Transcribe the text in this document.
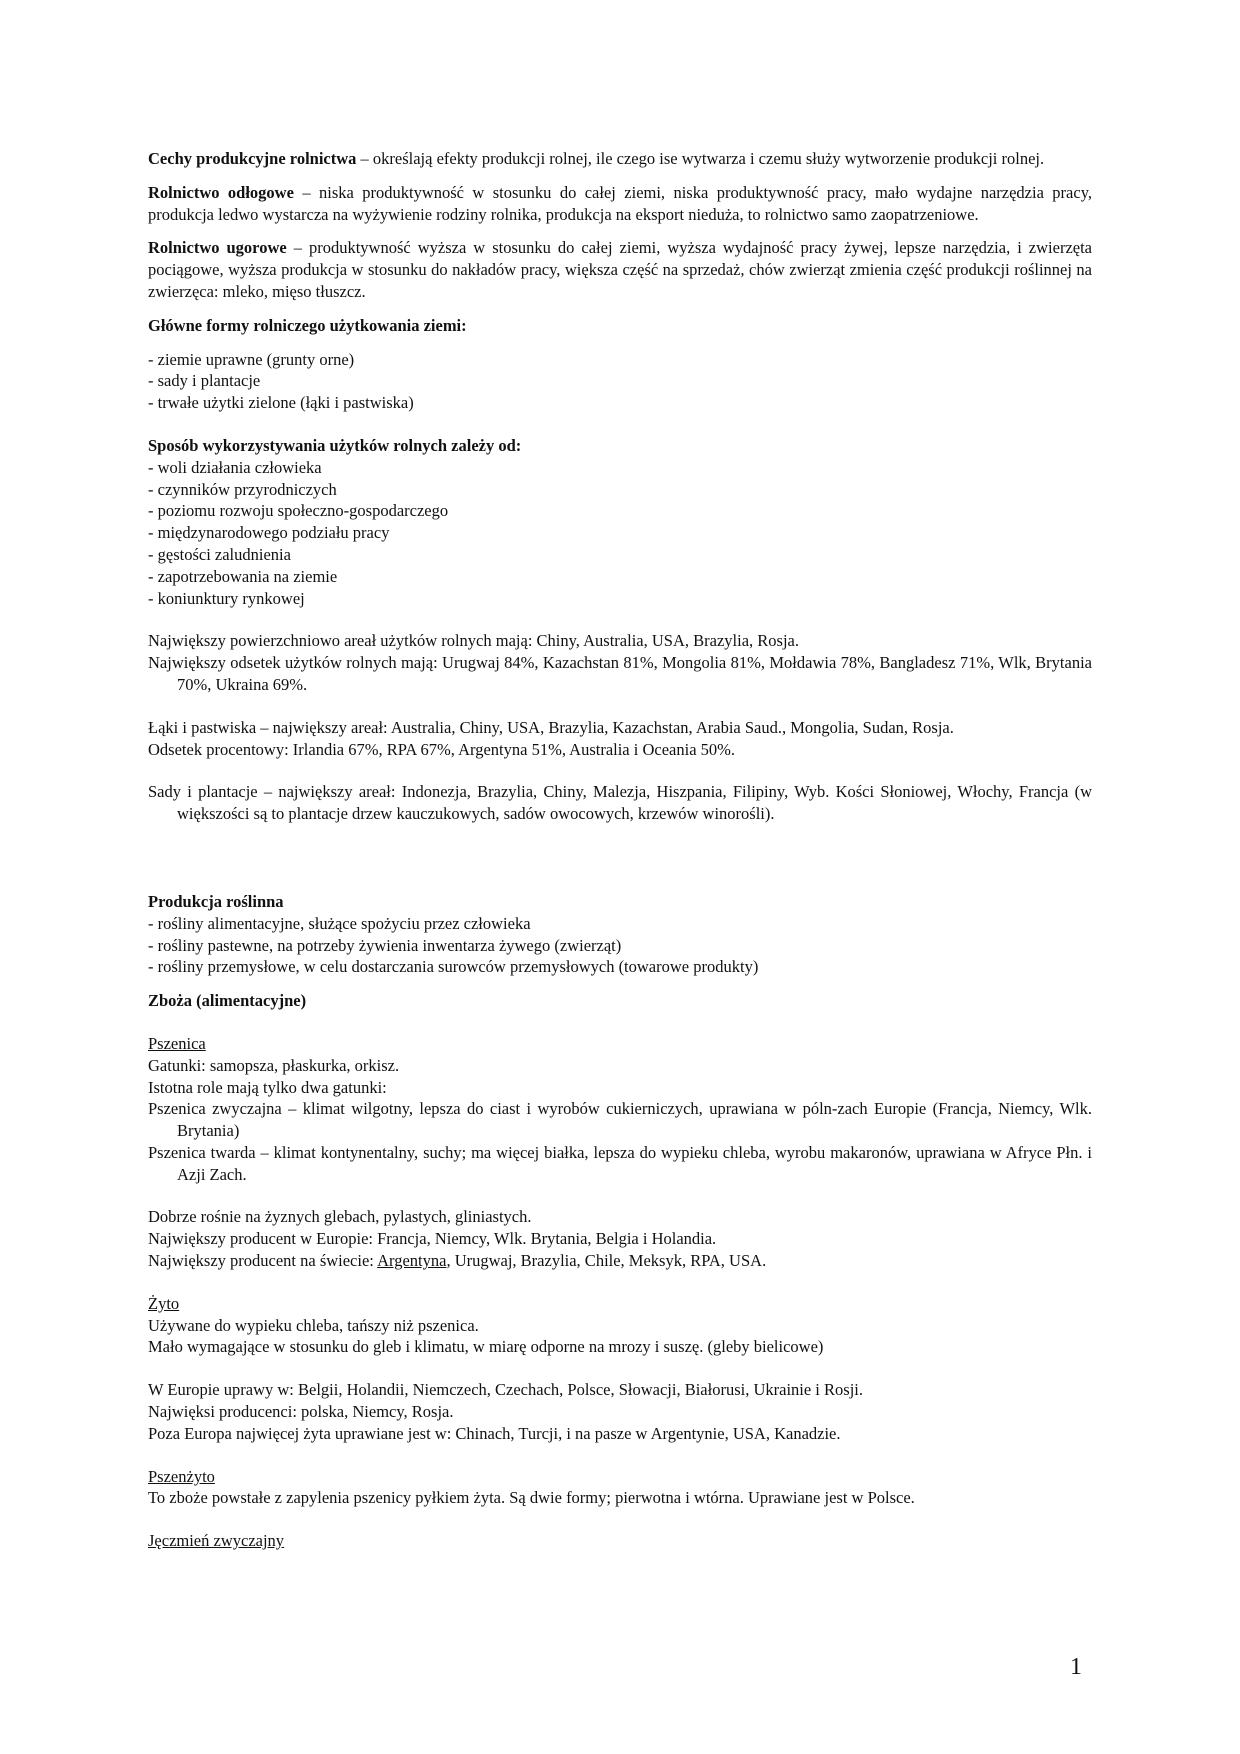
Cechy produkcyjne rolnictwa – określają efekty produkcji rolnej, ile czego ise wytwarza i czemu służy wytworzenie produkcji rolnej.

Rolnictwo odłogowe – niska produktywność w stosunku do całej ziemi, niska produktywność pracy, mało wydajne narzędzia pracy, produkcja ledwo wystarcza na wyżywienie rodziny rolnika, produkcja na eksport nieduża, to rolnictwo samo zaopatrzeniowe.

Rolnictwo ugorowe – produktywność wyższa w stosunku do całej ziemi, wyższa wydajność pracy żywej, lepsze narzędzia, i zwierzęta pociągowe, wyższa produkcja w stosunku do nakładów pracy, większa część na sprzedaż, chów zwierząt zmienia część produkcji roślinnej na zwierzęca: mleko, mięso tłuszcz.

Główne formy rolniczego użytkowania ziemi:

- ziemie uprawne (grunty orne)

- sady i plantacje

- trwałe użytki zielone (łąki i pastwiska)

Sposób wykorzystywania użytków rolnych zależy od:

- woli działania człowieka

- czynników przyrodniczych

- poziomu rozwoju społeczno-gospodarczego

- międzynarodowego podziału pracy

- gęstości zaludnienia

- zapotrzebowania na ziemie

- koniunktury rynkowej

Największy powierzchniowo areał użytków rolnych mają: Chiny, Australia, USA, Brazylia, Rosja.

Największy odsetek użytków rolnych mają: Urugwaj 84%, Kazachstan 81%, Mongolia 81%, Mołdawia 78%, Bangladesz 71%, Wlk, Brytania 70%, Ukraina 69%.

Łąki i pastwiska – największy areał: Australia, Chiny, USA, Brazylia, Kazachstan, Arabia Saud., Mongolia, Sudan, Rosja.

Odsetek procentowy: Irlandia 67%, RPA 67%, Argentyna 51%, Australia i Oceania 50%.

Sady i plantacje – największy areał: Indonezja, Brazylia, Chiny, Malezja, Hiszpania, Filipiny, Wyb. Kości Słoniowej, Włochy, Francja (w większości są to plantacje drzew kauczukowych, sadów owocowych, krzewów winorośli).

Produkcja roślinna

- rośliny alimentacyjne, służące spożyciu przez człowieka

- rośliny pastewne, na potrzeby żywienia inwentarza żywego (zwierząt)

- rośliny przemysłowe, w celu dostarczania surowców przemysłowych (towarowe produkty)

Zboża (alimentacyjne)

Pszenica

Gatunki: samopsza, płaskurka, orkisz.

Istotna role mają tylko dwa gatunki:

Pszenica zwyczajna – klimat wilgotny, lepsza do ciast i wyrobów cukierniczych, uprawiana w póln-zach Europie (Francja, Niemcy, Wlk. Brytania)

Pszenica twarda – klimat kontynentalny, suchy; ma więcej białka, lepsza do wypieku chleba, wyrobu makaronów, uprawiana w Afryce Płn. i Azji Zach.

Dobrze rośnie na żyznych glebach, pylastych, gliniastych.

Największy producent w Europie: Francja, Niemcy, Wlk. Brytania, Belgia i Holandia.

Największy producent na świecie: Argentyna, Urugwaj, Brazylia, Chile, Meksyk, RPA, USA.

Żyto

Używane do wypieku chleba, tańszy niż pszenica.

Mało wymagające w stosunku do gleb i klimatu, w miarę odporne na mrozy i suszę. (gleby bielicowe)

W Europie uprawy w: Belgii, Holandii, Niemczech, Czechach, Polsce, Słowacji, Białorusi, Ukrainie i Rosji.

Najwięksi producenci: polska, Niemcy, Rosja.

Poza Europa najwięcej żyta uprawiane jest w: Chinach, Turcji, i na pasze w Argentynie, USA, Kanadzie.

Pszenżyto

To zboże powstałe z zapylenia pszenicy pyłkiem żyta. Są dwie formy; pierwotna i wtórna. Uprawiane jest w Polsce.

Jęczmień zwyczajny

1
